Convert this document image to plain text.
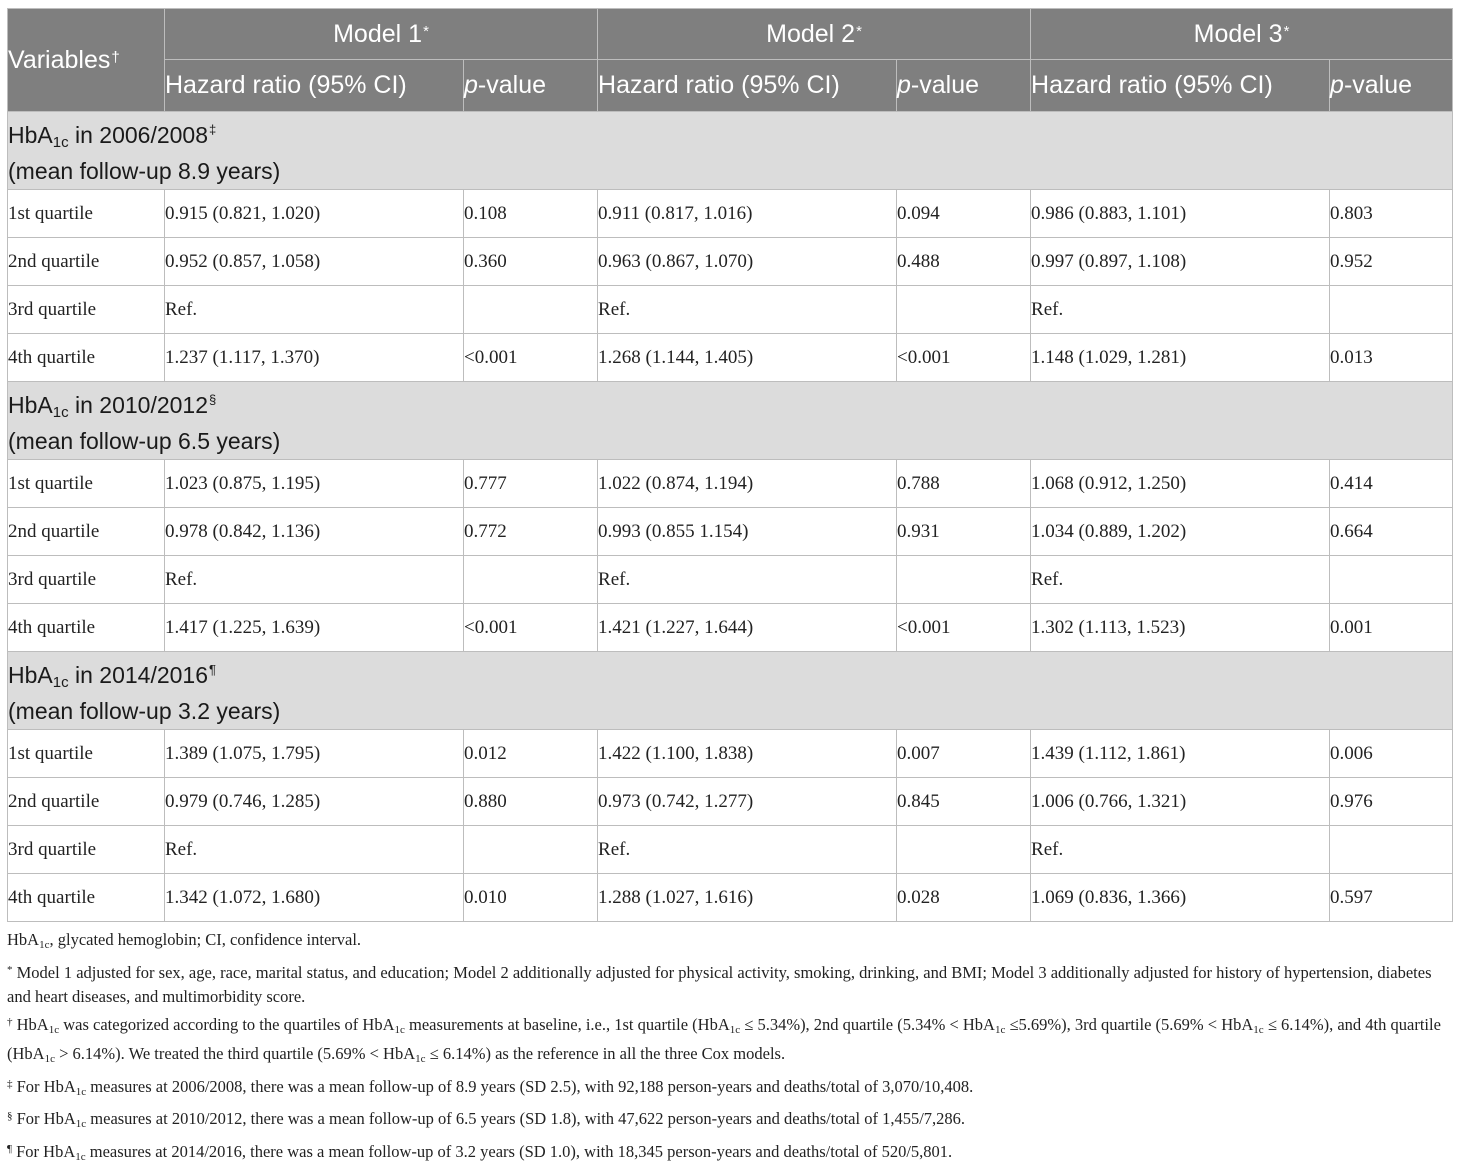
Variables†	Model 1*		Model 2*		Model 3*
	Hazard ratio (95% CI)	p-value	Hazard ratio (95% CI)	p-value	Hazard ratio (95% CI)	p-value
HbA$_{1c}$ in 2006/2008‡
(mean follow-up 8.9 years)						
1st quartile	0.915 (0.821, 1.020)	0.108	0.911 (0.817, 1.016)	0.094	0.986 (0.883, 1.101)	0.803
2nd quartile	0.952 (0.857, 1.058)	0.360	0.963 (0.867, 1.070)	0.488	0.997 (0.897, 1.108)	0.952
3rd quartile	Ref.		Ref.		Ref.	
4th quartile	1.237 (1.117, 1.370)	<0.001	1.268 (1.144, 1.405)	<0.001	1.148 (1.029, 1.281)	0.013
HbA$_{1c}$ in 2010/2012§
(mean follow-up 6.5 years)						
1st quartile	1.023 (0.875, 1.195)	0.777	1.022 (0.874, 1.194)	0.788	1.068 (0.912, 1.250)	0.414
2nd quartile	0.978 (0.842, 1.136)	0.772	0.993 (0.855 1.154)	0.931	1.034 (0.889, 1.202)	0.664
3rd quartile	Ref.		Ref.		Ref.	
4th quartile	1.417 (1.225, 1.639)	<0.001	1.421 (1.227, 1.644)	<0.001	1.302 (1.113, 1.523)	0.001
HbA$_{1c}$ in 2014/2016¶
(mean follow-up 3.2 years)						
1st quartile	1.389 (1.075, 1.795)	0.012	1.422 (1.100, 1.838)	0.007	1.439 (1.112, 1.861)	0.006
2nd quartile	0.979 (0.746, 1.285)	0.880	0.973 (0.742, 1.277)	0.845	1.006 (0.766, 1.321)	0.976
3rd quartile	Ref.		Ref.		Ref.	
4th quartile	1.342 (1.072, 1.680)	0.010	1.288 (1.027, 1.616)	0.028	1.069 (0.836, 1.366)	0.597

HbA$_{1c}$, glycated hemoglobin; CI, confidence interval.

* Model 1 adjusted for sex, age, race, marital status, and education; Model 2 additionally adjusted for physical activity, smoking, drinking, and BMI; Model 3 additionally adjusted for history of hypertension, diabetes and heart diseases, and multimorbidity score.

† HbA$_{1c}$ was categorized according to the quartiles of HbA$_{1c}$ measurements at baseline, i.e., 1st quartile (HbA$_{1c}$ ≤ 5.34%), 2nd quartile (5.34% < HbA$_{1c}$ ≤5.69%), 3rd quartile (5.69% < HbA$_{1c}$ ≤ 6.14%), and 4th quartile (HbA$_{1c}$ > 6.14%). We treated the third quartile (5.69% < HbA$_{1c}$ ≤ 6.14%) as the reference in all the three Cox models.

‡ For HbA$_{1c}$ measures at 2006/2008, there was a mean follow-up of 8.9 years (SD 2.5), with 92,188 person-years and deaths/total of 3,070/10,408.

§ For HbA$_{1c}$ measures at 2010/2012, there was a mean follow-up of 6.5 years (SD 1.8), with 47,622 person-years and deaths/total of 1,455/7,286.

¶ For HbA$_{1c}$ measures at 2014/2016, there was a mean follow-up of 3.2 years (SD 1.0), with 18,345 person-years and deaths/total of 520/5,801.
